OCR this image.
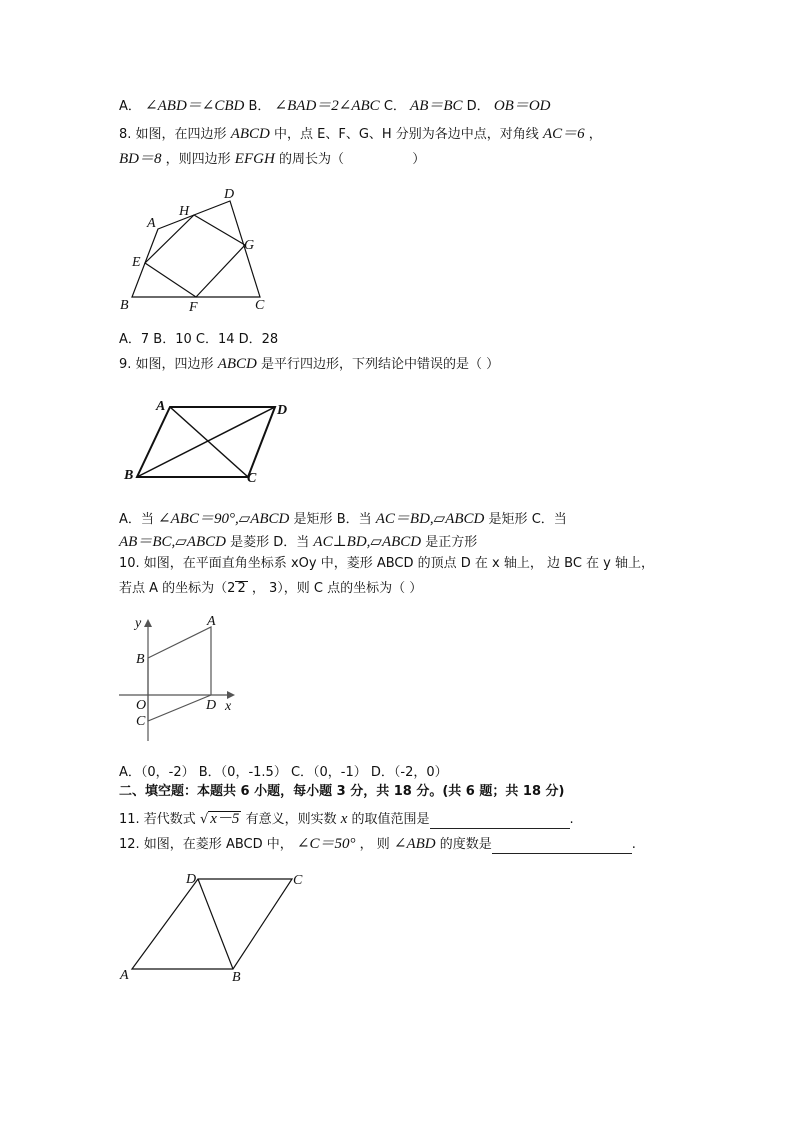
A． ∠ABD＝∠CBD B． ∠BAD＝2∠ABC C． AB＝BC D． OB＝OD
8. 如图，在四边形 ABCD 中，点 E、F、G、H 分别为各边中点，对角线 AC＝6 ，
BD＝8 ，则四边形 EFGH 的周长为（	）
A
H
D
G
E
B	F	C
A．7 B．10 C．14 D．28
9. 如图，四边形 ABCD 是平行四边形，下列结论中错误的是（ ）
A	D
B	C
A．当 ∠ABC＝90°,▱ABCD 是矩形 B．当 AC＝BD,▱ABCD 是矩形 C．当
AB＝BC,▱ABCD 是菱形 D．当 AC⊥BD,▱ABCD 是正方形
10. 如图，在平面直角坐标系 xOy 中，菱形 ABCD 的顶点 D 在 x 轴上， 边 BC 在 y 轴上，
若点 A 的坐标为（2 2 ， 3），则 C 点的坐标为（ ）
y	A
B
O	D x
C
A．（0，-2） B．（0，-1.5） C．（0，-1） D．（-2，0）
二、填空题：本题共 6 小题，每小题 3 分，共 18 分。(共 6 题；共 18 分)
11. 若代数式 √ x－5 有意义，则实数 x 的取值范围是	.
12. 如图，在菱形 ABCD 中， ∠C＝50° ， 则 ∠ABD 的度数是	.
D	C
A	B
